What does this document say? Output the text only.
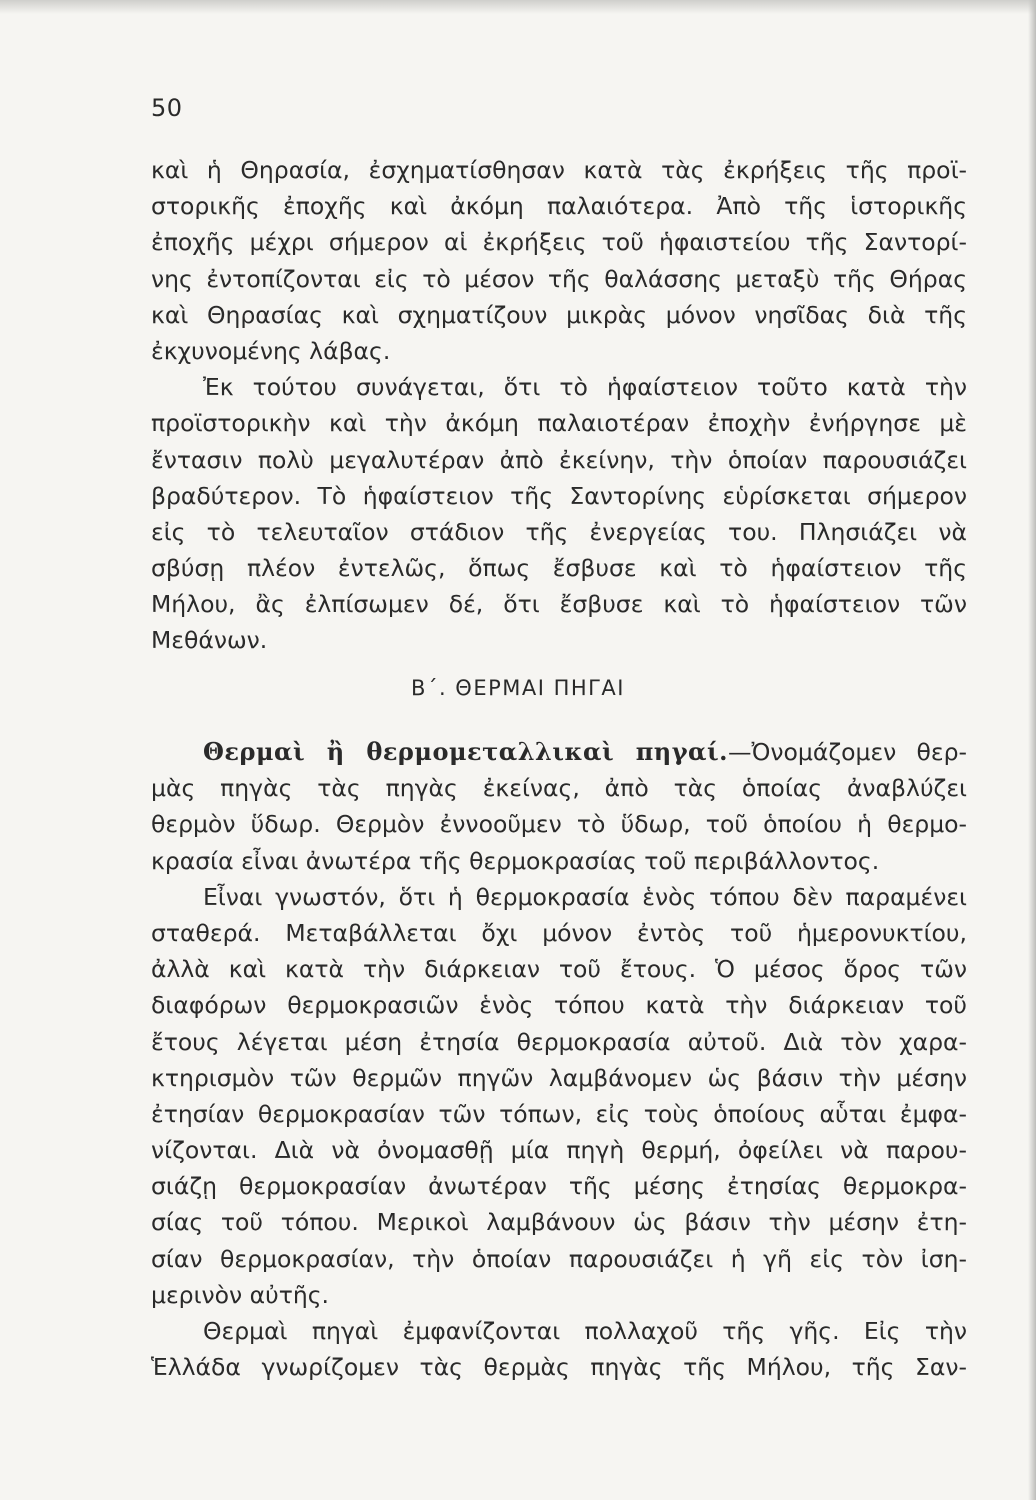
50
καὶ ἡ Θηρασία, ἐσχηματίσθησαν κατὰ τὰς ἐκρήξεις τῆς προϊ-
στορικῆς ἐποχῆς καὶ ἀκόμη παλαιότερα. Ἀπὸ τῆς ἱστορικῆς
ἐποχῆς μέχρι σήμερον αἱ ἐκρήξεις τοῦ ἡφαιστείου τῆς Σαντορί-
νης ἐντοπίζονται εἰς τὸ μέσον τῆς θαλάσσης μεταξὺ τῆς Θήρας
καὶ Θηρασίας καὶ σχηματίζουν μικρὰς μόνον νησῖδας διὰ τῆς
ἐκχυνομένης λάβας.
Ἐκ τούτου συνάγεται, ὅτι τὸ ἡφαίστειον τοῦτο κατὰ τὴν
προϊστορικὴν καὶ τὴν ἀκόμη παλαιοτέραν ἐποχὴν ἐνήργησε μὲ
ἔντασιν πολὺ μεγαλυτέραν ἀπὸ ἐκείνην, τὴν ὁποίαν παρουσιάζει
βραδύτερον. Τὸ ἡφαίστειον τῆς Σαντορίνης εὑρίσκεται σήμερον
εἰς τὸ τελευταῖον στάδιον τῆς ἐνεργείας του. Πλησιάζει νὰ
σβύσῃ πλέον ἐντελῶς, ὅπως ἔσβυσε καὶ τὸ ἡφαίστειον τῆς
Μήλου, ἂς ἐλπίσωμεν δέ, ὅτι ἔσβυσε καὶ τὸ ἡφαίστειον τῶν
Μεθάνων.
Β΄. ΘΕΡΜΑΙ ΠΗΓΑΙ
Θερμαὶ ἢ θερμομεταλλικαὶ πηγαί.—Ὀνομάζομεν θερ-
μὰς πηγὰς τὰς πηγὰς ἐκείνας, ἀπὸ τὰς ὁποίας ἀναβλύζει
θερμὸν ὕδωρ. Θερμὸν ἐννοοῦμεν τὸ ὕδωρ, τοῦ ὁποίου ἡ θερμο-
κρασία εἶναι ἀνωτέρα τῆς θερμοκρασίας τοῦ περιβάλλοντος.
Εἶναι γνωστόν, ὅτι ἡ θερμοκρασία ἑνὸς τόπου δὲν παραμένει
σταθερά. Μεταβάλλεται ὄχι μόνον ἐντὸς τοῦ ἡμερονυκτίου,
ἀλλὰ καὶ κατὰ τὴν διάρκειαν τοῦ ἔτους. Ὁ μέσος ὅρος τῶν
διαφόρων θερμοκρασιῶν ἑνὸς τόπου κατὰ τὴν διάρκειαν τοῦ
ἔτους λέγεται μέση ἐτησία θερμοκρασία αὐτοῦ. Διὰ τὸν χαρα-
κτηρισμὸν τῶν θερμῶν πηγῶν λαμβάνομεν ὡς βάσιν τὴν μέσην
ἐτησίαν θερμοκρασίαν τῶν τόπων, εἰς τοὺς ὁποίους αὗται ἐμφα-
νίζονται. Διὰ νὰ ὀνομασθῇ μία πηγὴ θερμή, ὀφείλει νὰ παρου-
σιάζῃ θερμοκρασίαν ἀνωτέραν τῆς μέσης ἐτησίας θερμοκρα-
σίας τοῦ τόπου. Μερικοὶ λαμβάνουν ὡς βάσιν τὴν μέσην ἐτη-
σίαν θερμοκρασίαν, τὴν ὁποίαν παρουσιάζει ἡ γῆ εἰς τὸν ἰση-
μερινὸν αὐτῆς.
Θερμαὶ πηγαὶ ἐμφανίζονται πολλαχοῦ τῆς γῆς. Εἰς τὴν
Ἑλλάδα γνωρίζομεν τὰς θερμὰς πηγὰς τῆς Μήλου, τῆς Σαν-
